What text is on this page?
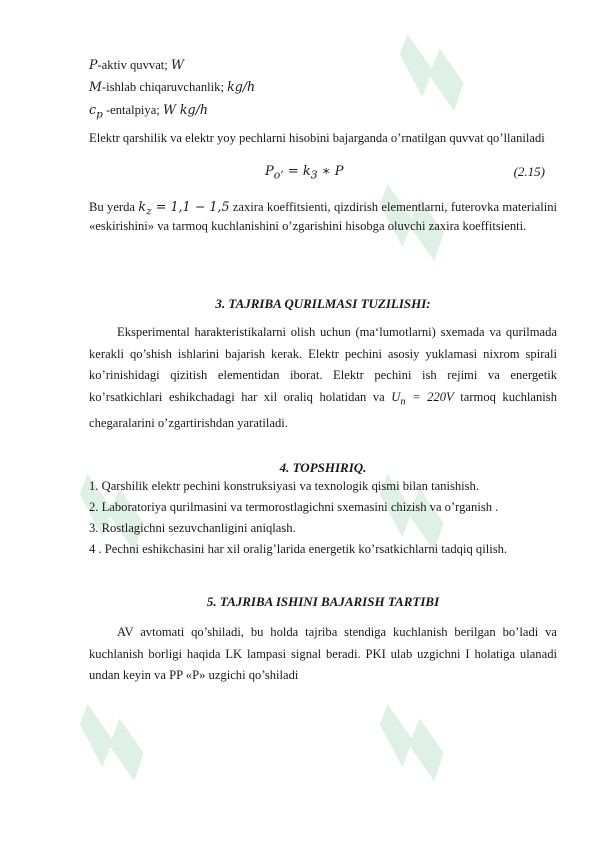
P-aktiv quvvat; W
M-ishlab chiqaruvchanlik; kg/h
$c_p$ -entalpiya; W kg/h
Elektr qarshilik va elektr yoy pechlarni hisobini bajarganda o’rnatilgan quvvat qo’llaniladi
$P_{o’} = k_3$ ∗ P	(2.15)
Bu yerda $k_z = 1,1 - 1,5$ zaxira koeffitsienti, qizdirish elementlarni, futerovka materialini «eskirishini» va tarmoq kuchlanishini o’zgarishini hisobga oluvchi zaxira koeffitsienti.
3. TAJRIBA QURILMASI TUZILISHI:
Eksperimental harakteristikalarni olish uchun (ma‘lumotlarni) sxemada va qurilmada kerakli qo’shish ishlarini bajarish kerak. Elektr pechini asosiy yuklamasi nixrom spirali ko’rinishidagi qizitish elementidan iborat. Elektr pechini ish rejimi va energetik ko’rsatkichlari eshikchadagi har xil oraliq holatidan va $U_n = 220V$ tarmoq kuchlanish chegaralarini o’zgartirishdan yaratiladi.
4. TOPSHIRIQ.
1. Qarshilik elektr pechini konstruksiyasi va texnologik qismi bilan tanishish.
2. Laboratoriya qurilmasini va termorostlagichni sxemasini chizish va o’rganish .
3. Rostlagichni sezuvchanligini aniqlash.
4 . Pechni eshikchasini har xil oralig’larida energetik ko’rsatkichlarni tadqiq qilish.
5. TAJRIBA ISHINI BAJARISH TARTIBI
AV avtomati qo’shiladi, bu holda tajriba stendiga kuchlanish berilgan bo’ladi va kuchlanish borligi haqida LK lampasi signal beradi. PKI ulab uzgichni I holatiga ulanadi undan keyin va PP «P» uzgichi qo’shiladi
